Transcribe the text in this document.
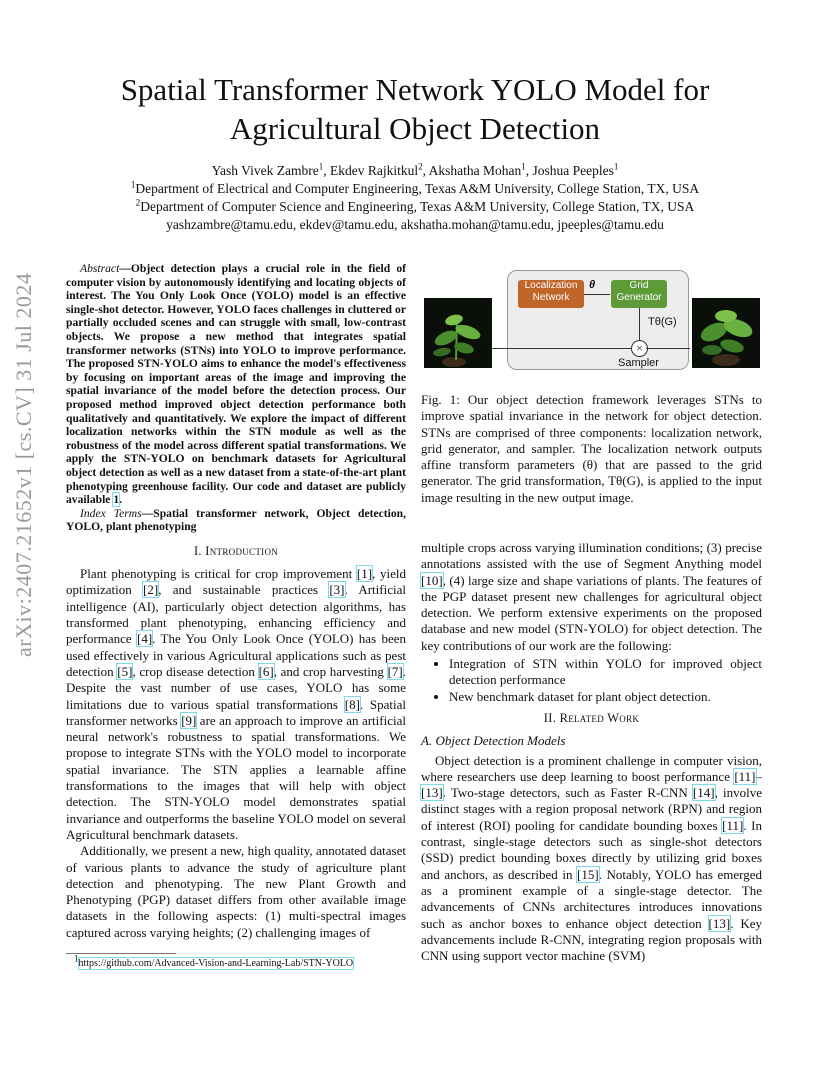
arXiv:2407.21652v1 [cs.CV] 31 Jul 2024
Spatial Transformer Network YOLO Model for
Agricultural Object Detection
Yash Vivek Zambre$^1$, Ekdev Rajkitkul$^2$, Akshatha Mohan$^1$, Joshua Peeples$^1$
$^1$Department of Electrical and Computer Engineering, Texas A&M University, College Station, TX, USA
$^2$Department of Computer Science and Engineering, Texas A&M University, College Station, TX, USA
yashzambre@tamu.edu, ekdev@tamu.edu, akshatha.mohan@tamu.edu, jpeeples@tamu.edu

Abstract—Object detection plays a crucial role in the field of computer vision by autonomously identifying and locating objects of interest. The You Only Look Once (YOLO) model is an effective single-shot detector. However, YOLO faces challenges in cluttered or partially occluded scenes and can struggle with small, low-contrast objects. We propose a new method that integrates spatial transformer networks (STNs) into YOLO to improve performance. The proposed STN-YOLO aims to enhance the model's effectiveness by focusing on important areas of the image and improving the spatial invariance of the model before the detection process. Our proposed method improved object detection performance both qualitatively and quantitatively. We explore the impact of different localization networks within the STN module as well as the robustness of the model across different spatial transformations. We apply the STN-YOLO on benchmark datasets for Agricultural object detection as well as a new dataset from a state-of-the-art plant phenotyping greenhouse facility. Our code and dataset are publicly available 1.

Index Terms—Spatial transformer network, Object detection, YOLO, plant phenotyping

I. Introduction

Plant phenotyping is critical for crop improvement [1], yield optimization [2], and sustainable practices [3]. Artificial intelligence (AI), particularly object detection algorithms, has transformed plant phenotyping, enhancing efficiency and performance [4]. The You Only Look Once (YOLO) has been used effectively in various Agricultural applications such as pest detection [5], crop disease detection [6], and crop harvesting [7]. Despite the vast number of use cases, YOLO has some limitations due to various spatial transformations [8]. Spatial transformer networks [9] are an approach to improve an artificial neural network's robustness to spatial transformations. We propose to integrate STNs with the YOLO model to incorporate spatial invariance. The STN applies a learnable affine transformations to the images that will help with object detection. The STN-YOLO model demonstrates spatial invariance and outperforms the baseline YOLO model on several Agricultural benchmark datasets.

Additionally, we present a new, high quality, annotated dataset of various plants to advance the study of agriculture plant detection and phenotyping. The new Plant Growth and Phenotyping (PGP) dataset differs from other available image datasets in the following aspects: (1) multi-spectral images captured across varying heights; (2) challenging images of

$^1$https://github.com/Advanced-Vision-and-Learning-Lab/STN-YOLO
Localization Network
θ	Grid Generator
Tθ(G)
×
Sampler
Fig. 1: Our object detection framework leverages STNs to improve spatial invariance in the network for object detection. STNs are comprised of three components: localization network, grid generator, and sampler. The localization network outputs affine transform parameters (θ) that are passed to the grid generator. The grid transformation, Tθ(G), is applied to the input image resulting in the new output image.

multiple crops across varying illumination conditions; (3) precise annotations assisted with the use of Segment Anything model [10], (4) large size and shape variations of plants. The features of the PGP dataset present new challenges for agricultural object detection. We perform extensive experiments on the proposed database and new model (STN-YOLO) for object detection. The key contributions of our work are the following:

• Integration of STN within YOLO for improved object detection performance
• New benchmark dataset for plant object detection.
II. Related Work
A. Object Detection Models

Object detection is a prominent challenge in computer vision, where researchers use deep learning to boost performance [11]–[13]. Two-stage detectors, such as Faster R-CNN [14], involve distinct stages with a region proposal network (RPN) and region of interest (ROI) pooling for candidate bounding boxes [11]. In contrast, single-stage detectors such as single-shot detectors (SSD) predict bounding boxes directly by utilizing grid boxes and anchors, as described in [15]. Notably, YOLO has emerged as a prominent example of a single-stage detector. The advancements of CNNs architectures introduces innovations such as anchor boxes to enhance object detection [13]. Key advancements include R-CNN, integrating region proposals with CNN using support vector machine (SVM)
